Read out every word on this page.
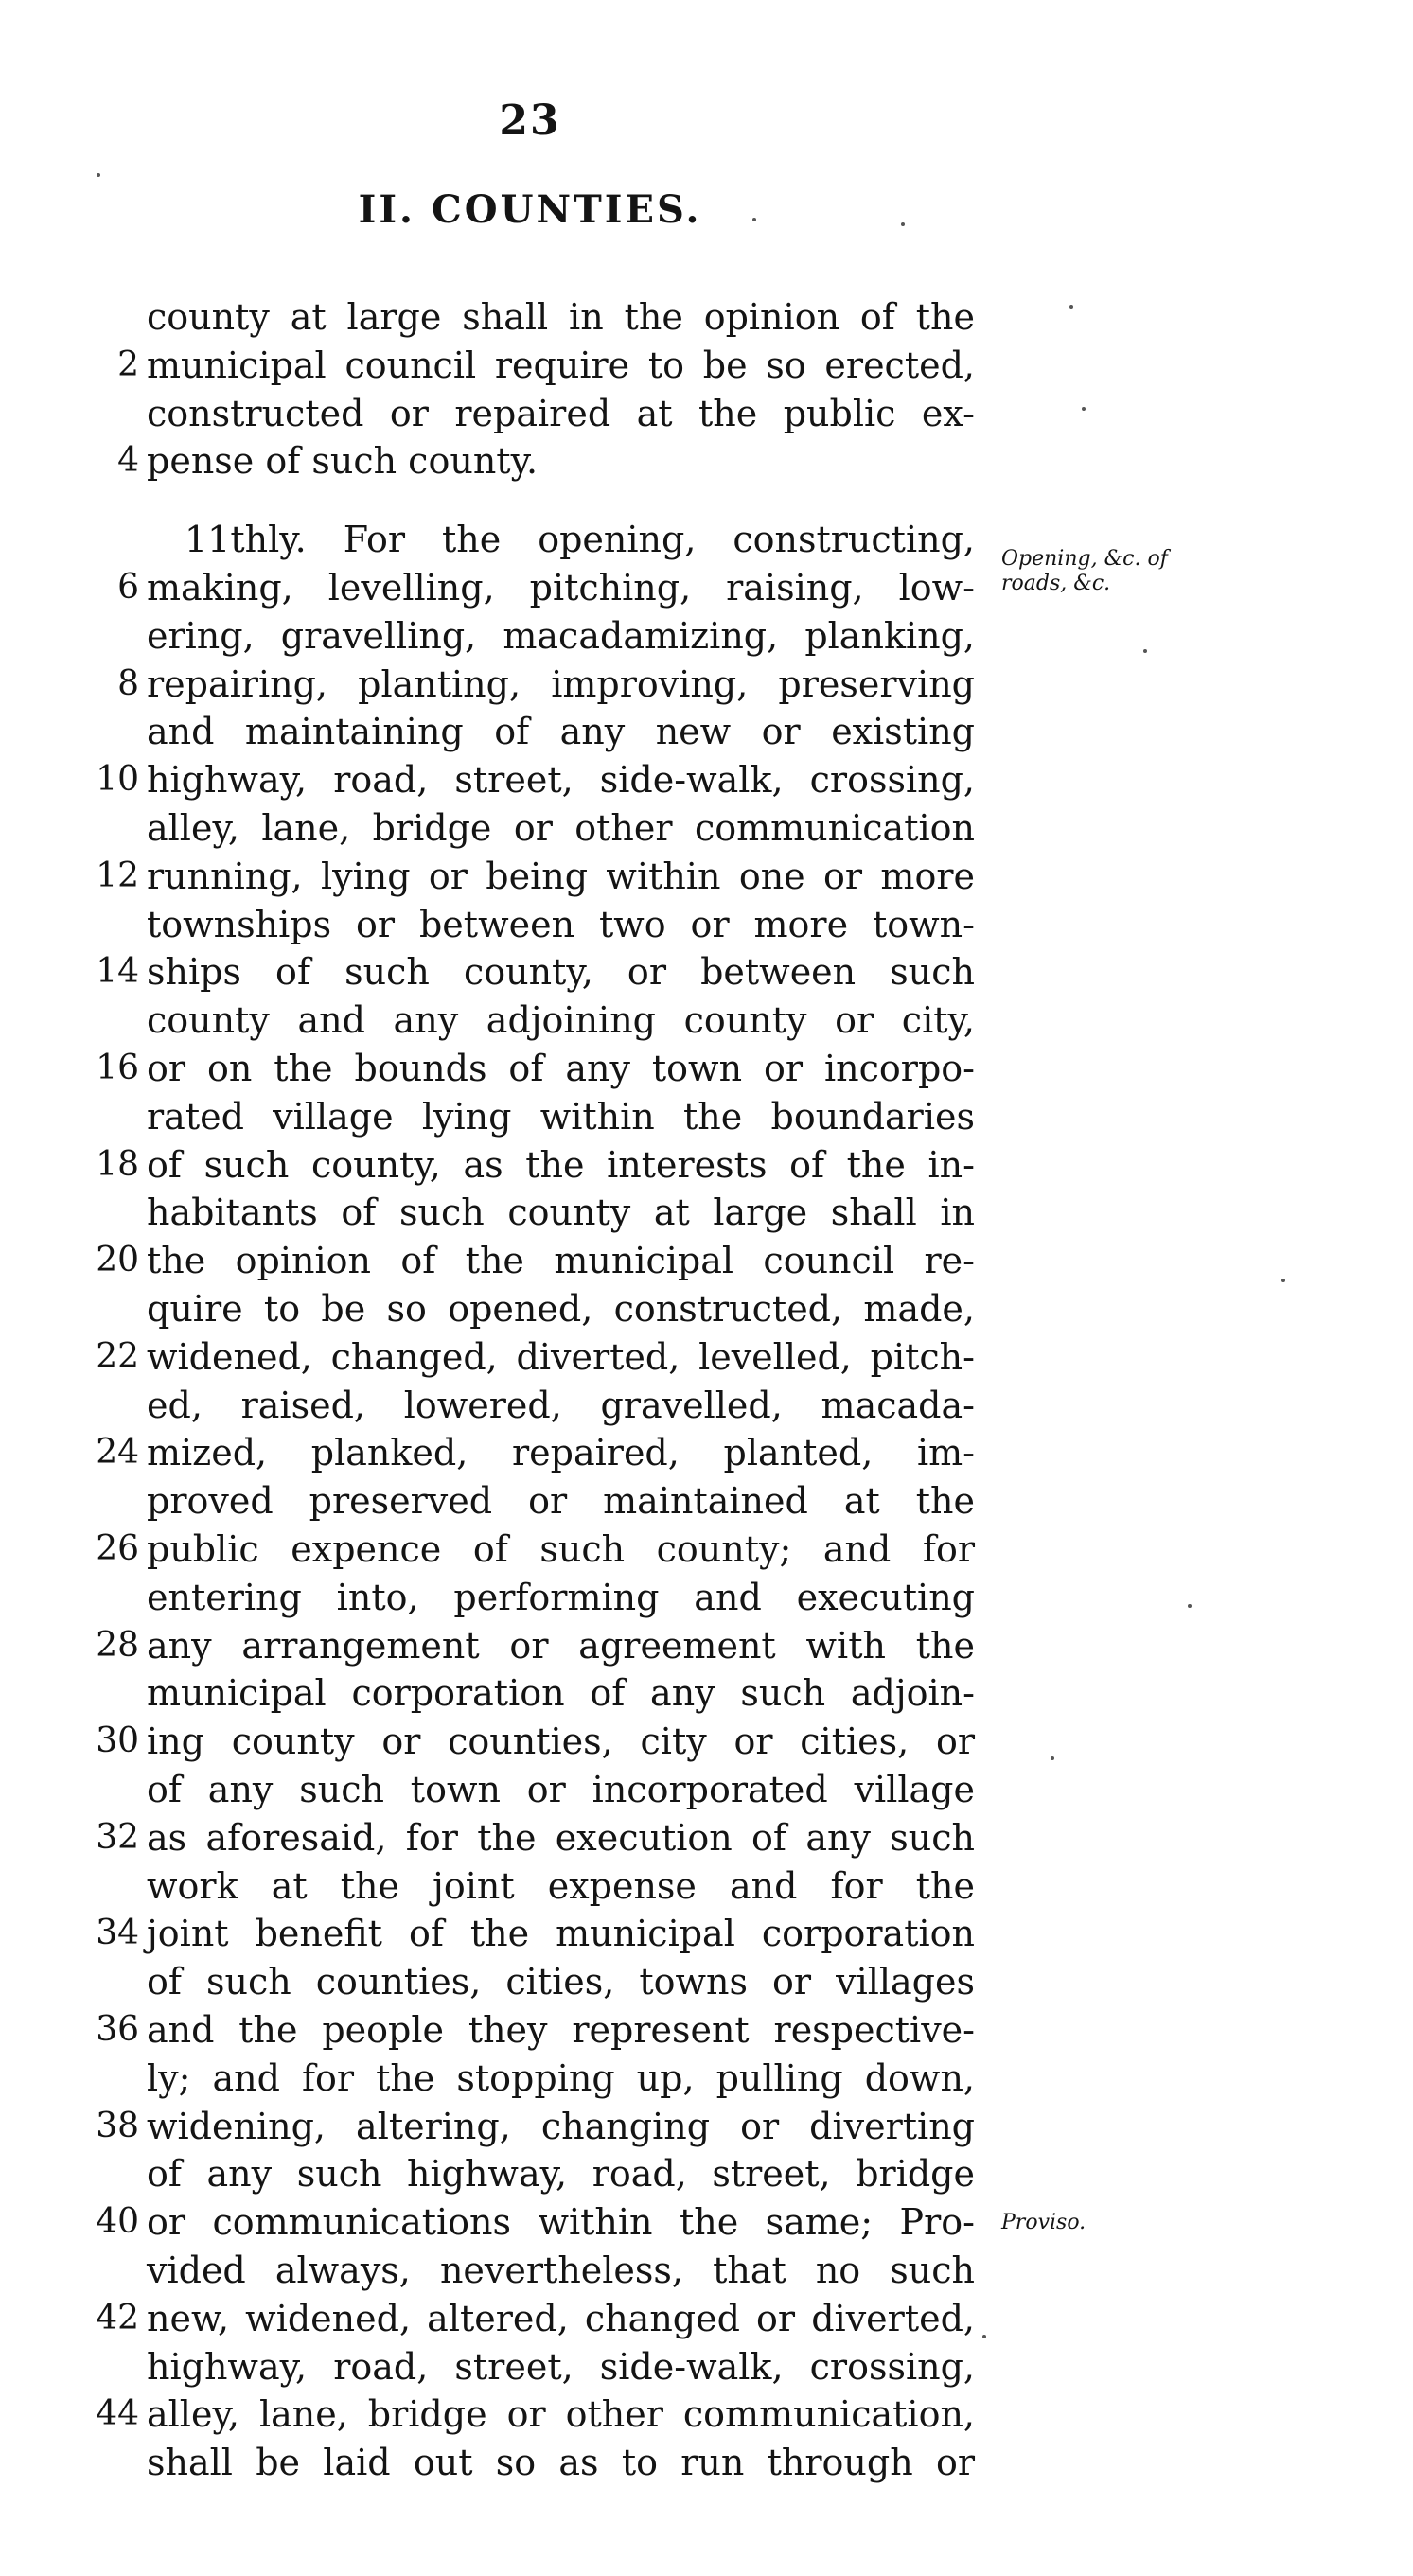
23
II. COUNTIES.
Opening, &c. of roads, &c.
Proviso.
county at large shall in the opinion of the
2 municipal council require to be so erected,
constructed or repaired at the public ex-
4 pense of such county.
11thly. For the opening, constructing,
6 making, levelling, pitching, raising, low-
ering, gravelling, macadamizing, planking,
8 repairing, planting, improving, preserving
and maintaining of any new or existing
10 highway, road, street, side-walk, crossing,
alley, lane, bridge or other communication
12 running, lying or being within one or more
townships or between two or more town-
14 ships of such county, or between such
county and any adjoining county or city,
16 or on the bounds of any town or incorpo-
rated village lying within the boundaries
18 of such county, as the interests of the in-
habitants of such county at large shall in
20 the opinion of the municipal council re-
quire to be so opened, constructed, made,
22 widened, changed, diverted, levelled, pitch-
ed, raised, lowered, gravelled, macada-
24 mized, planked, repaired, planted, im-
proved preserved or maintained at the
26 public expence of such county; and for
entering into, performing and executing
28 any arrangement or agreement with the
municipal corporation of any such adjoin-
30 ing county or counties, city or cities, or
of any such town or incorporated village
32 as aforesaid, for the execution of any such
work at the joint expense and for the
34 joint benefit of the municipal corporation
of such counties, cities, towns or villages
36 and the people they represent respective-
ly; and for the stopping up, pulling down,
38 widening, altering, changing or diverting
of any such highway, road, street, bridge
40 or communications within the same; Pro-
vided always, nevertheless, that no such
42 new, widened, altered, changed or diverted,
highway, road, street, side-walk, crossing,
44 alley, lane, bridge or other communication,
shall be laid out so as to run through or
